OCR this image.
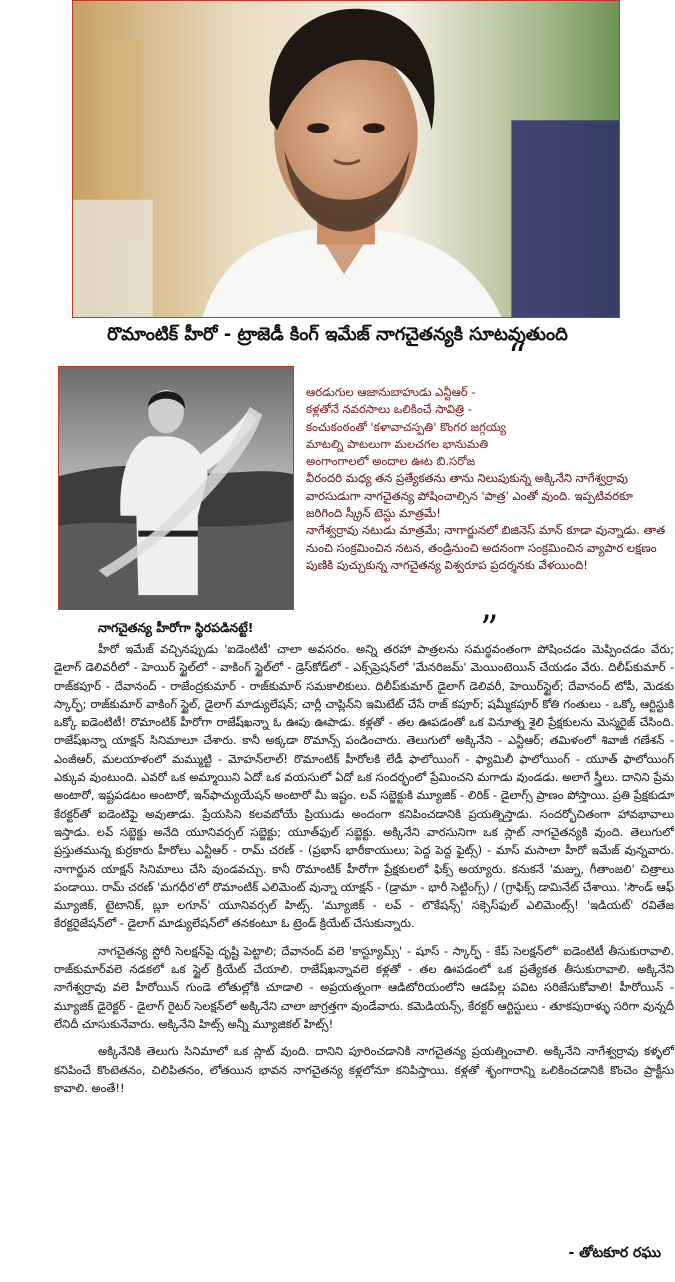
రొమాంటిక్ హీరో - ట్రాజెడీ కింగ్ ఇమేజ్ నాగచైతన్యకి సూటవుతుంది
“

ఆరడుగుల ఆజానుబాహుడు ఎన్టీఆర్ -

కళ్లతోనే నవరసాలు ఒలికించే సావిత్రి -

కంచుకంఠంతో 'కళావాచస్పతి' కొంగర జగ్గయ్య

మాటల్ని పాటలుగా మలచగల భానుమతి

అంగాంగాలలో అందాల ఊట బి.సరోజ

వీరందరి మధ్య తన ప్రత్యేకతను తాను నిలుపుకున్న అక్కినేని నాగేశ్వర్రావు వారసుడుగా నాగచైతన్య పోషించాల్సిన 'పాత్ర' ఎంతో వుంది. ఇప్పటివరకూ జరిగింది స్క్రీన్ టెస్టు మాత్రమే!

నాగేశ్వర్రావు నటుడు మాత్రమే; నాగార్జునలో బిజినెస్ మాన్ కూడా వున్నాడు. తాత నుంచి సంక్రమించిన నటన, తండ్రినుంచి అదనంగా సంక్రమించిన వ్యాపార లక్షణం పుణికి పుచ్చుకున్న నాగచైతన్య విశ్వరూప ప్రదర్శనకు వేళయింది!

నాగచైతన్య హీరోగా స్థిరపడినట్టే!	”

హీరో ఇమేజ్ వచ్చినప్పుడు 'ఐడెంటిటీ' చాలా అవసరం. అన్ని తరహా పాత్రలను సమర్థవంతంగా పోషించడం మెప్పించడం వేరు; డైలాగ్ డెలివరీలో - హెయిర్ స్టైల్‌లో - వాకింగ్ స్టైల్‌లో - డ్రెస్‌కోడ్‌లో - ఎక్స్‌ప్రెషన్‌లో 'మేనరిజమ్' మెయింటెయిన్ చేయడం వేరు. దిలీప్‌కుమార్ - రాజ్‌కపూర్ - దేవానంద్ - రాజేంద్రకుమార్ - రాజ్‌కుమార్ సమకాలికులు. దిలీప్‌కుమార్ డైలాగ్ డెలివరీ, హెయిర్‌స్టైల్; దేవానంద్ టోపీ, మెడకు స్కార్ఫ్; రాజ్‌కుమార్ వాకింగ్ స్టైల్, డైలాగ్ మాడ్యులేషన్; చార్లీ చాప్లిన్‌ని ఇమిటేట్ చేసే రాజ్ కపూర్; షమ్మీకపూర్ కోతి గంతులు - ఒక్కో ఆర్టిస్టుకి ఒక్కో ఐడెంటిటీ! రొమాంటిక్ హీరోగా రాజేష్‌ఖన్నా ఓ ఊపు ఊపాడు. కళ్లతో - తల ఊపడంతో ఒక వినూత్న శైలి ప్రేక్షకులను మెస్మరైజ్ చేసింది. రాజేష్‌ఖన్నా యాక్షన్ సినిమాలూ చేశారు. కానీ అక్కడా రొమాన్స్ పండించారు. తెలుగులో అక్కినేని - ఎన్టీఆర్; తమిళంలో శివాజీ గణేశన్ - ఎంజీఆర్, మలయాళంలో మమ్ముట్టి - మోహన్‌లాల్! రొమాంటిక్ హీరోలకి లేడీ ఫాలోయింగ్ - ఫ్యామిలీ ఫాలోయింగ్ - యూత్ ఫాలోయింగ్ ఎక్కువ వుంటుంది. ఎవరో ఒక అమ్మాయిని ఏదో ఒక వయసులో ఏదో ఒక సందర్భంలో ప్రేమించని మగాడు వుండడు. అలాగే స్త్రీలు. దానిని ప్రేమ అంటారో, ఇష్టపడటం అంటారో, ఇన్‌ఫాచ్యుయేషన్ అంటారో మీ ఇష్టం. లవ్ సబ్జెక్టుకి మ్యూజిక్ - లిరిక్ - డైలాగ్స్ ప్రాణం పోస్తాయి. ప్రతి ప్రేక్షకుడూ కేరక్టర్‌తో ఐడెంటిఫై అవుతాడు. ప్రేయసిని కలవబోయే ప్రియుడు అందంగా కనిపించడానికి ప్రయత్నిస్తాడు. సందర్భోచితంగా హావభావాలు ఇస్తాడు. లవ్ సబ్జెక్టు అనేది యూనివర్సల్ సబ్జెక్టు; యూత్‌ఫుల్ సబ్జెక్టు. అక్కినేని వారసునిగా ఒక స్లాట్ నాగచైతన్యకి వుంది. తెలుగులో ప్రస్తుతమున్న కుర్రకారు హీరోలు ఎన్టీఆర్ - రామ్ చరణ్ - (ప్రభాస్ భారీకాయులు; పెద్ద పెద్ద ఫైట్స్) - మాస్ మసాలా హీరో ఇమేజ్ వున్నవారు. నాగార్జున యాక్షన్ సినిమాలు చేసి వుండవచ్చు. కానీ రొమాంటిక్ హీరోగా ప్రేక్షకులలో ఫిక్స్ అయ్యారు. కనుకనే 'మజ్ను, గీతాంజలి' చిత్రాలు పండాయి. రామ్ చరణ్ 'మగధీర'లో రొమాంటిక్ ఎలిమెంట్ వున్నా యాక్షన్ - (డ్రామా - భారీ సెట్టింగ్స్) / (గ్రాఫిక్స్ డామినేట్ చేశాయి. 'సౌండ్ ఆఫ్ మ్యూజిక్, టైటానిక్, బ్లూ లగూన్' యూనివర్సల్ హిట్స్. 'మ్యూజిక్ - లవ్ - లొకేషన్స్' సక్సెస్‌ఫుల్ ఎలిమెంట్స్! 'ఇడియట్' రవితేజ కేరక్టరైజేషన్‌లో - డైలాగ్ మాడ్యులేషన్‌లో తనకంటూ ఓ ట్రెండ్ క్రియేట్ చేసుకున్నారు.

నాగచైతన్య స్టోరీ సెలక్షన్‌పై దృష్టి పెట్టాలి; దేవానంద్ వలె 'కాస్ట్యూమ్స్' - షూస్ - స్కార్ఫ్ - కేప్ సెలక్షన్‌లో' ఐడెంటిటీ తీసుకురావాలి. రాజ్‌కుమార్‌వలె నడకలో ఒక స్టైల్ క్రియేట్ చేయాలి. రాజేష్‌ఖన్నావలె కళ్లతో - తల ఊపడంలో ఒక ప్రత్యేకత తీసుకురావాలి. అక్కినేని నాగేశ్వర్రావు వలె హీరోయిన్ గుండె లోతుల్లోకి చూడాలి - అప్రయత్నంగా ఆడిటోరియంలోని ఆడపిల్ల పవిట సరిజేసుకోవాలి! హీరోయిన్ - మ్యూజిక్ డైరెక్టర్ - డైలాగ్ రైటర్ సెలక్షన్‌లో అక్కినేని చాలా జాగ్రత్తగా వుండేవారు. కమెడియన్స్, కేరక్టర్ ఆర్టిస్టులు - తూకపురాళ్ళు సరిగా వున్నదీ లేనిదీ చూసుకునేవారు. అక్కినేని హిట్స్ అన్నీ మ్యూజికల్ హిట్స్!

అక్కినేనికి తెలుగు సినిమాలో ఒక స్లాట్ వుంది. దానిని పూరించడానికి నాగచైతన్య ప్రయత్నించాలి. అక్కినేని నాగేశ్వర్రావు కళ్ళలో కనిపించే కొంటెతనం, చిలిపితనం, లోతయిన భావన నాగచైతన్య కళ్లలోనూ కనిపిస్తాయి. కళ్లతో శృంగారాన్ని ఒలికించడానికి కొంచెం ప్రాక్టీసు కావాలి. అంతే!!

- తోటకూర రఘు
